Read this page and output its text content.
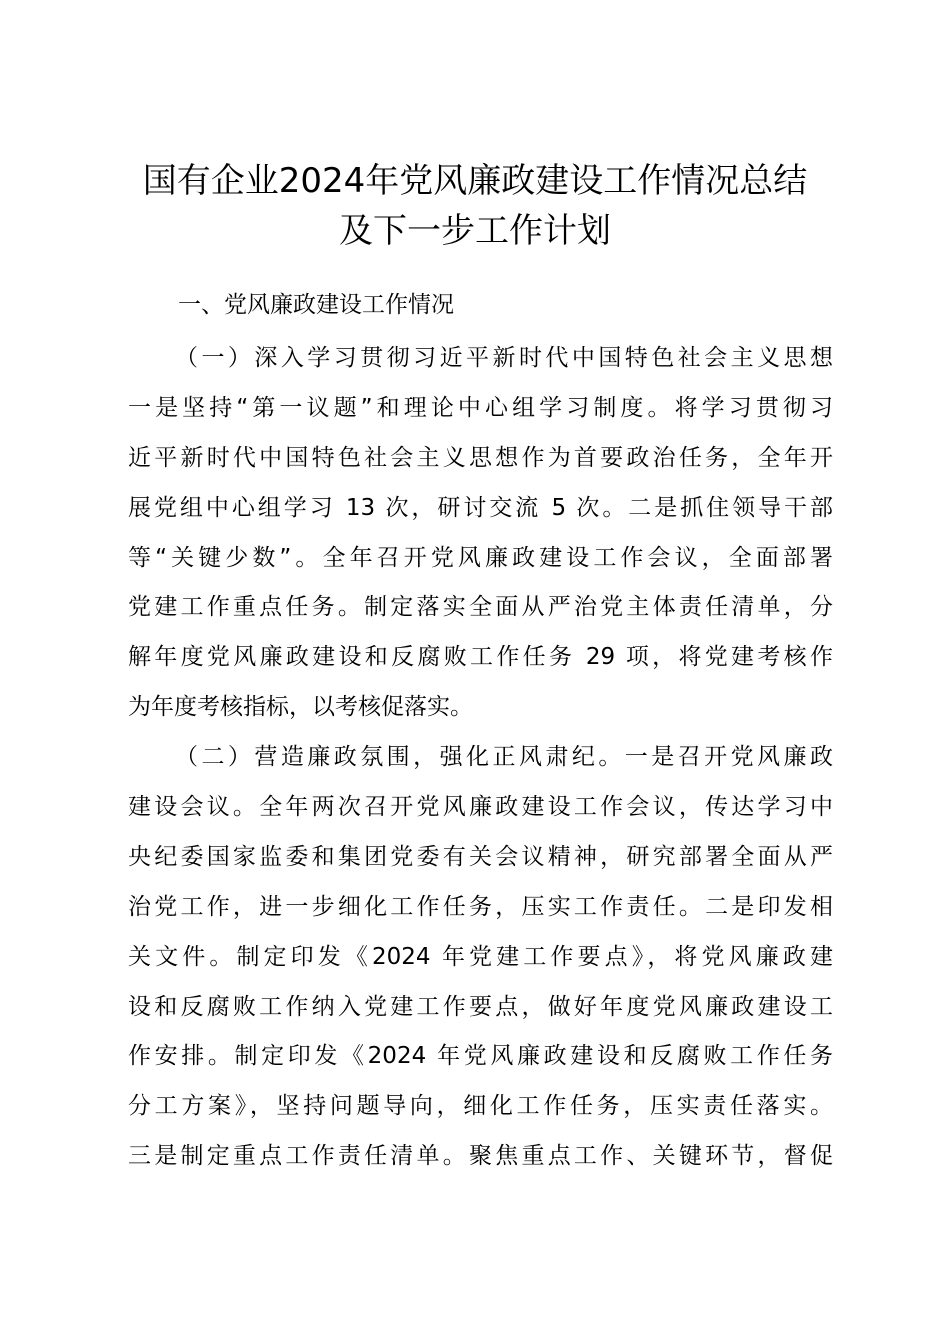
国有企业2024年党风廉政建设工作情况总结
及下一步工作计划
一、党风廉政建设工作情况
（一）深入学习贯彻习近平新时代中国特色社会主义思想
一是坚持“第一议题”和理论中心组学习制度。将学习贯彻习
近平新时代中国特色社会主义思想作为首要政治任务，全年开
展党组中心组学习 13 次，研讨交流 5 次。二是抓住领导干部
等“关键少数”。全年召开党风廉政建设工作会议，全面部署
党建工作重点任务。制定落实全面从严治党主体责任清单，分
解年度党风廉政建设和反腐败工作任务 29 项，将党建考核作
为年度考核指标，以考核促落实。
（二）营造廉政氛围，强化正风肃纪。一是召开党风廉政
建设会议。全年两次召开党风廉政建设工作会议，传达学习中
央纪委国家监委和集团党委有关会议精神，研究部署全面从严
治党工作，进一步细化工作任务，压实工作责任。二是印发相
关文件。制定印发《2024 年党建工作要点》，将党风廉政建
设和反腐败工作纳入党建工作要点，做好年度党风廉政建设工
作安排。制定印发《2024 年党风廉政建设和反腐败工作任务
分工方案》，坚持问题导向，细化工作任务，压实责任落实。
三是制定重点工作责任清单。聚焦重点工作、关键环节，督促
